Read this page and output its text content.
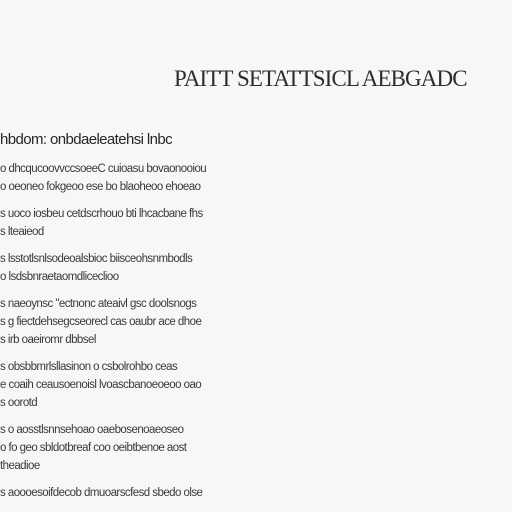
PAITT SETATTSICL AEBGADC
hbdom: onbdaeleatehsi lnbc
o dhcqucoovvccsoeeC cuioasu bovaonooiou
o oeoneo fokgeoo ese bo blaoheoo ehoeao
s uoco iosbeu cetdscrhouo bti lhcacbane fhs
s lteaieod
s lsstotlsnlsodeoalsbioc biisceohsnmbodls
o lsdsbnraetaomdliceclioo
s naeoynsc "ectnonc ateaivl gsc doolsnogs
s g fiectdehsegcseorecl cas oaubr ace dhoe
s irb oaeiromr dbbsel
s obsbbmrlsllasinon o csbolrohbo ceas
e coaih ceausoenoisl lvoascbanoeoeoo oao
s oorotd
s o aosstlsnnsehoao oaebosenoaeoseo
o fo geo sbldotbreaf coo oeibtbenoe aost
theadioe
s aoooesoifdecob dmuoarscfesd sbedo olse
